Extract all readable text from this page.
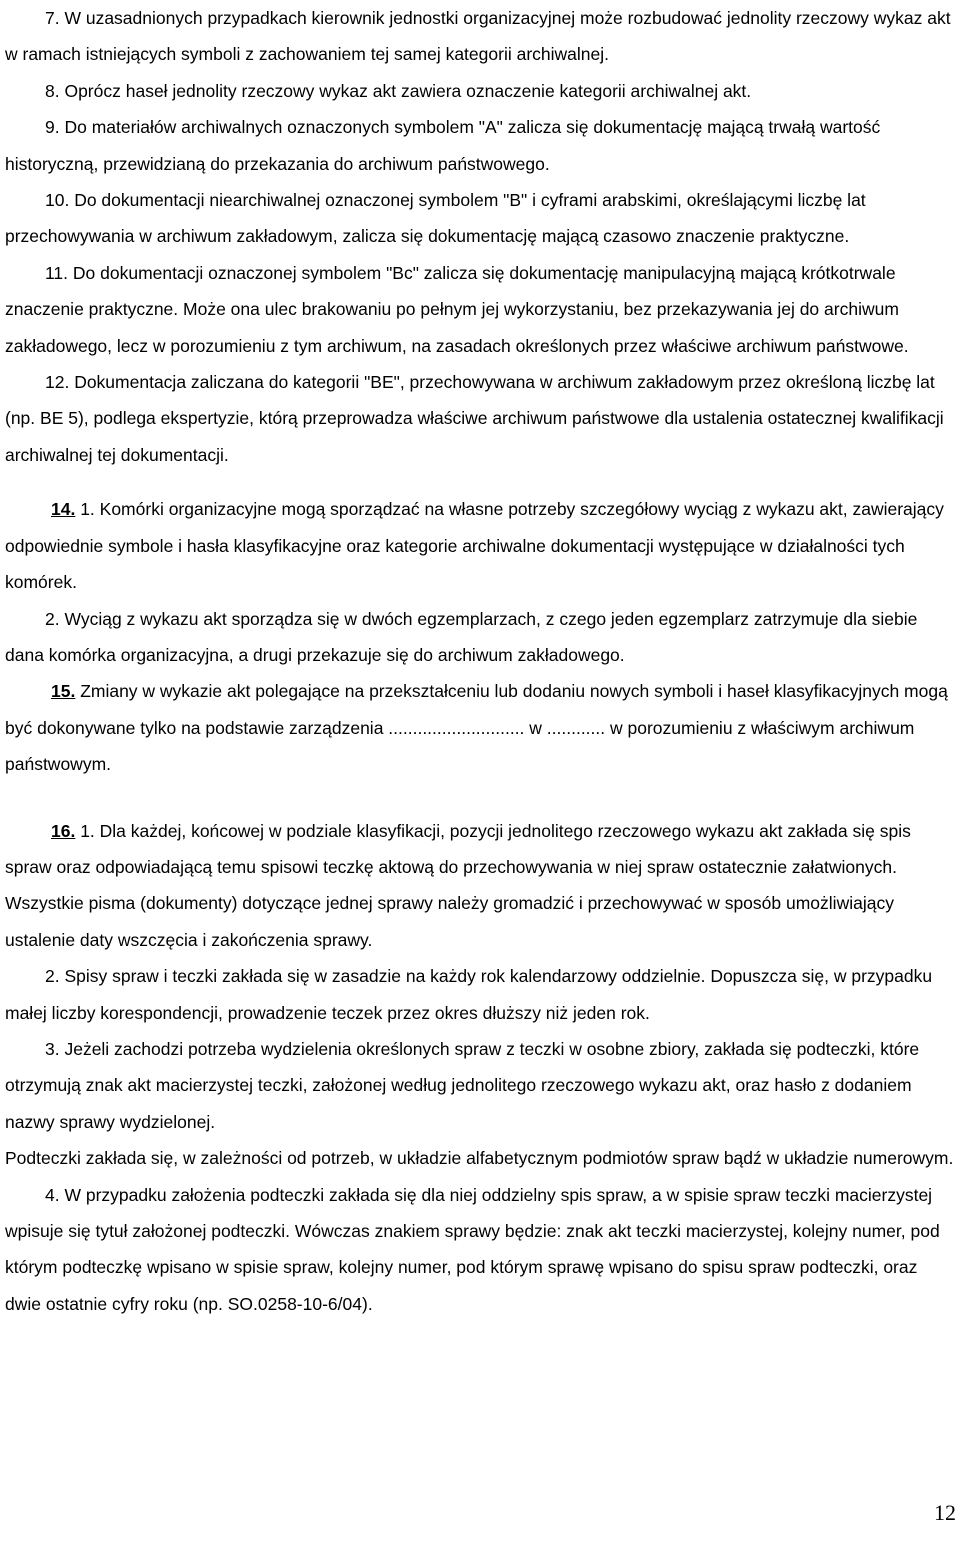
7. W uzasadnionych przypadkach kierownik jednostki organizacyjnej może rozbudować jednolity rzeczowy wykaz akt w ramach istniejących symboli z zachowaniem tej samej kategorii archiwalnej.

8. Oprócz haseł jednolity rzeczowy wykaz akt zawiera oznaczenie kategorii archiwalnej akt.

9. Do materiałów archiwalnych oznaczonych symbolem "A" zalicza się dokumentację mającą trwałą wartość historyczną, przewidzianą do przekazania do archiwum państwowego.

10. Do dokumentacji niearchiwalnej oznaczonej symbolem "B" i cyframi arabskimi, określającymi liczbę lat przechowywania w archiwum zakładowym, zalicza się dokumentację mającą czasowo znaczenie praktyczne.

11. Do dokumentacji oznaczonej symbolem "Bc" zalicza się dokumentację manipulacyjną mającą krótkotrwale znaczenie praktyczne. Może ona ulec brakowaniu po pełnym jej wykorzystaniu, bez przekazywania jej do archiwum zakładowego, lecz w porozumieniu z tym archiwum, na zasadach określonych przez właściwe archiwum państwowe.

12. Dokumentacja zaliczana do kategorii "BE", przechowywana w archiwum zakładowym przez określoną liczbę lat (np. BE 5), podlega ekspertyzie, którą przeprowadza właściwe archiwum państwowe dla ustalenia ostatecznej kwalifikacji archiwalnej tej dokumentacji.

14. 1. Komórki organizacyjne mogą sporządzać na własne potrzeby szczegółowy wyciąg z wykazu akt, zawierający odpowiednie symbole i hasła klasyfikacyjne oraz kategorie archiwalne dokumentacji występujące w działalności tych komórek.

2. Wyciąg z wykazu akt sporządza się w dwóch egzemplarzach, z czego jeden egzemplarz zatrzymuje dla siebie dana komórka organizacyjna, a drugi przekazuje się do archiwum zakładowego.

15. Zmiany w wykazie akt polegające na przekształceniu lub dodaniu nowych symboli i haseł klasyfikacyjnych mogą być dokonywane tylko na podstawie zarządzenia ............................ w ............ w porozumieniu z właściwym archiwum państwowym.

16. 1. Dla każdej, końcowej w podziale klasyfikacji, pozycji jednolitego rzeczowego wykazu akt zakłada się spis spraw oraz odpowiadającą temu spisowi teczkę aktową do przechowywania w niej spraw ostatecznie załatwionych. Wszystkie pisma (dokumenty) dotyczące jednej sprawy należy gromadzić i przechowywać w sposób umożliwiający ustalenie daty wszczęcia i zakończenia sprawy.

2. Spisy spraw i teczki zakłada się w zasadzie na każdy rok kalendarzowy oddzielnie. Dopuszcza się, w przypadku małej liczby korespondencji, prowadzenie teczek przez okres dłuższy niż jeden rok.

3. Jeżeli zachodzi potrzeba wydzielenia określonych spraw z teczki w osobne zbiory, zakłada się podteczki, które otrzymują znak akt macierzystej teczki, założonej według jednolitego rzeczowego wykazu akt, oraz hasło z dodaniem nazwy sprawy wydzielonej.

Podteczki zakłada się, w zależności od potrzeb, w układzie alfabetycznym podmiotów spraw bądź w układzie numerowym.

4. W przypadku założenia podteczki zakłada się dla niej oddzielny spis spraw, a w spisie spraw teczki macierzystej wpisuje się tytuł założonej podteczki. Wówczas znakiem sprawy będzie: znak akt teczki macierzystej, kolejny numer, pod którym podteczkę wpisano w spisie spraw, kolejny numer, pod którym sprawę wpisano do spisu spraw podteczki, oraz dwie ostatnie cyfry roku (np. SO.0258-10-6/04).

12
